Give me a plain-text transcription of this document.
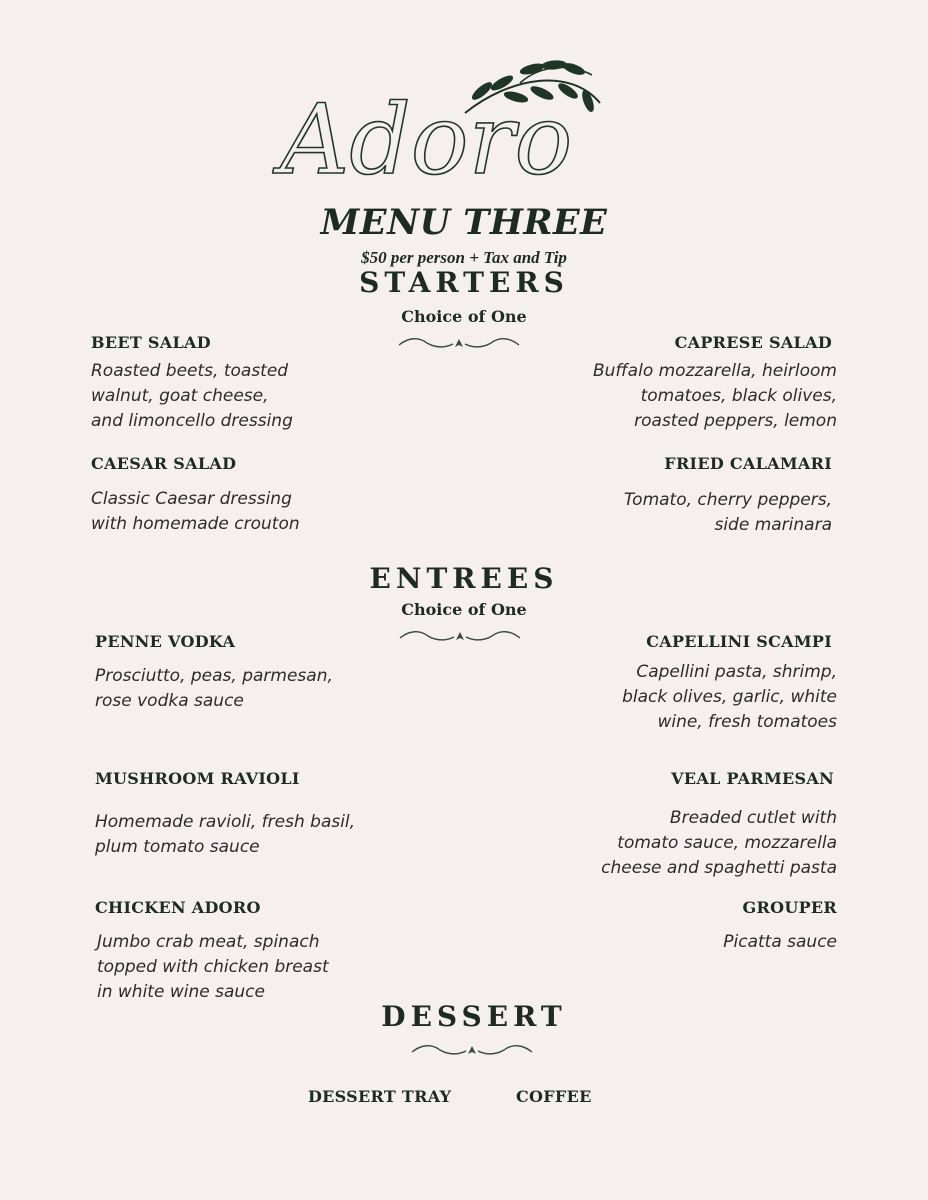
Adoro
MENU THREE
$50 per person + Tax and Tip
STARTERS
Choice of One
BEET SALAD
Roasted beets, toasted
walnut, goat cheese,
and limoncello dressing
CAPRESE SALAD
Buffalo mozzarella, heirloom
tomatoes, black olives,
roasted peppers, lemon
CAESAR SALAD
Classic Caesar dressing
with homemade crouton
FRIED CALAMARI
Tomato, cherry peppers,
side marinara
ENTREES
Choice of One
PENNE VODKA
Prosciutto, peas, parmesan,
rose vodka sauce
CAPELLINI SCAMPI
Capellini pasta, shrimp,
black olives, garlic, white
wine, fresh tomatoes
MUSHROOM RAVIOLI
Homemade ravioli, fresh basil,
plum tomato sauce
VEAL PARMESAN
Breaded cutlet with
tomato sauce, mozzarella
cheese and spaghetti pasta
CHICKEN ADORO
Jumbo crab meat, spinach
topped with chicken breast
in white wine sauce
GROUPER
Picatta sauce
DESSERT
DESSERT TRAY	COFFEE
